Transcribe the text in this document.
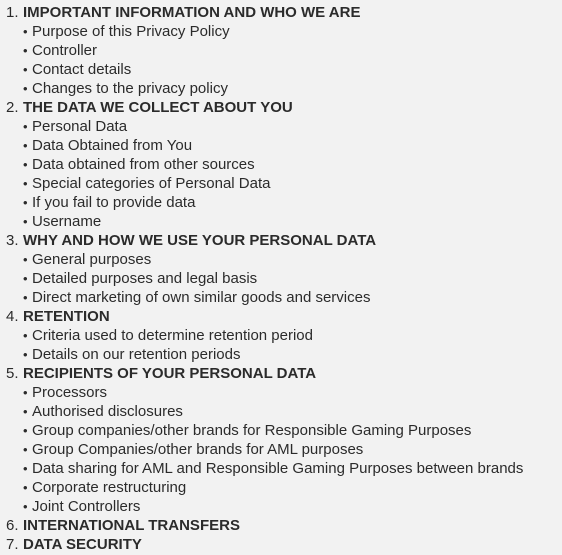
1. IMPORTANT INFORMATION AND WHO WE ARE
• Purpose of this Privacy Policy
• Controller
• Contact details
• Changes to the privacy policy
2. THE DATA WE COLLECT ABOUT YOU
• Personal Data
• Data Obtained from You
• Data obtained from other sources
• Special categories of Personal Data
• If you fail to provide data
• Username
3. WHY AND HOW WE USE YOUR PERSONAL DATA
• General purposes
• Detailed purposes and legal basis
• Direct marketing of own similar goods and services
4. RETENTION
• Criteria used to determine retention period
• Details on our retention periods
5. RECIPIENTS OF YOUR PERSONAL DATA
• Processors
• Authorised disclosures
• Group companies/other brands for Responsible Gaming Purposes
• Group Companies/other brands for AML purposes
• Data sharing for AML and Responsible Gaming Purposes between brands
• Corporate restructuring
• Joint Controllers
6. INTERNATIONAL TRANSFERS
7. DATA SECURITY
